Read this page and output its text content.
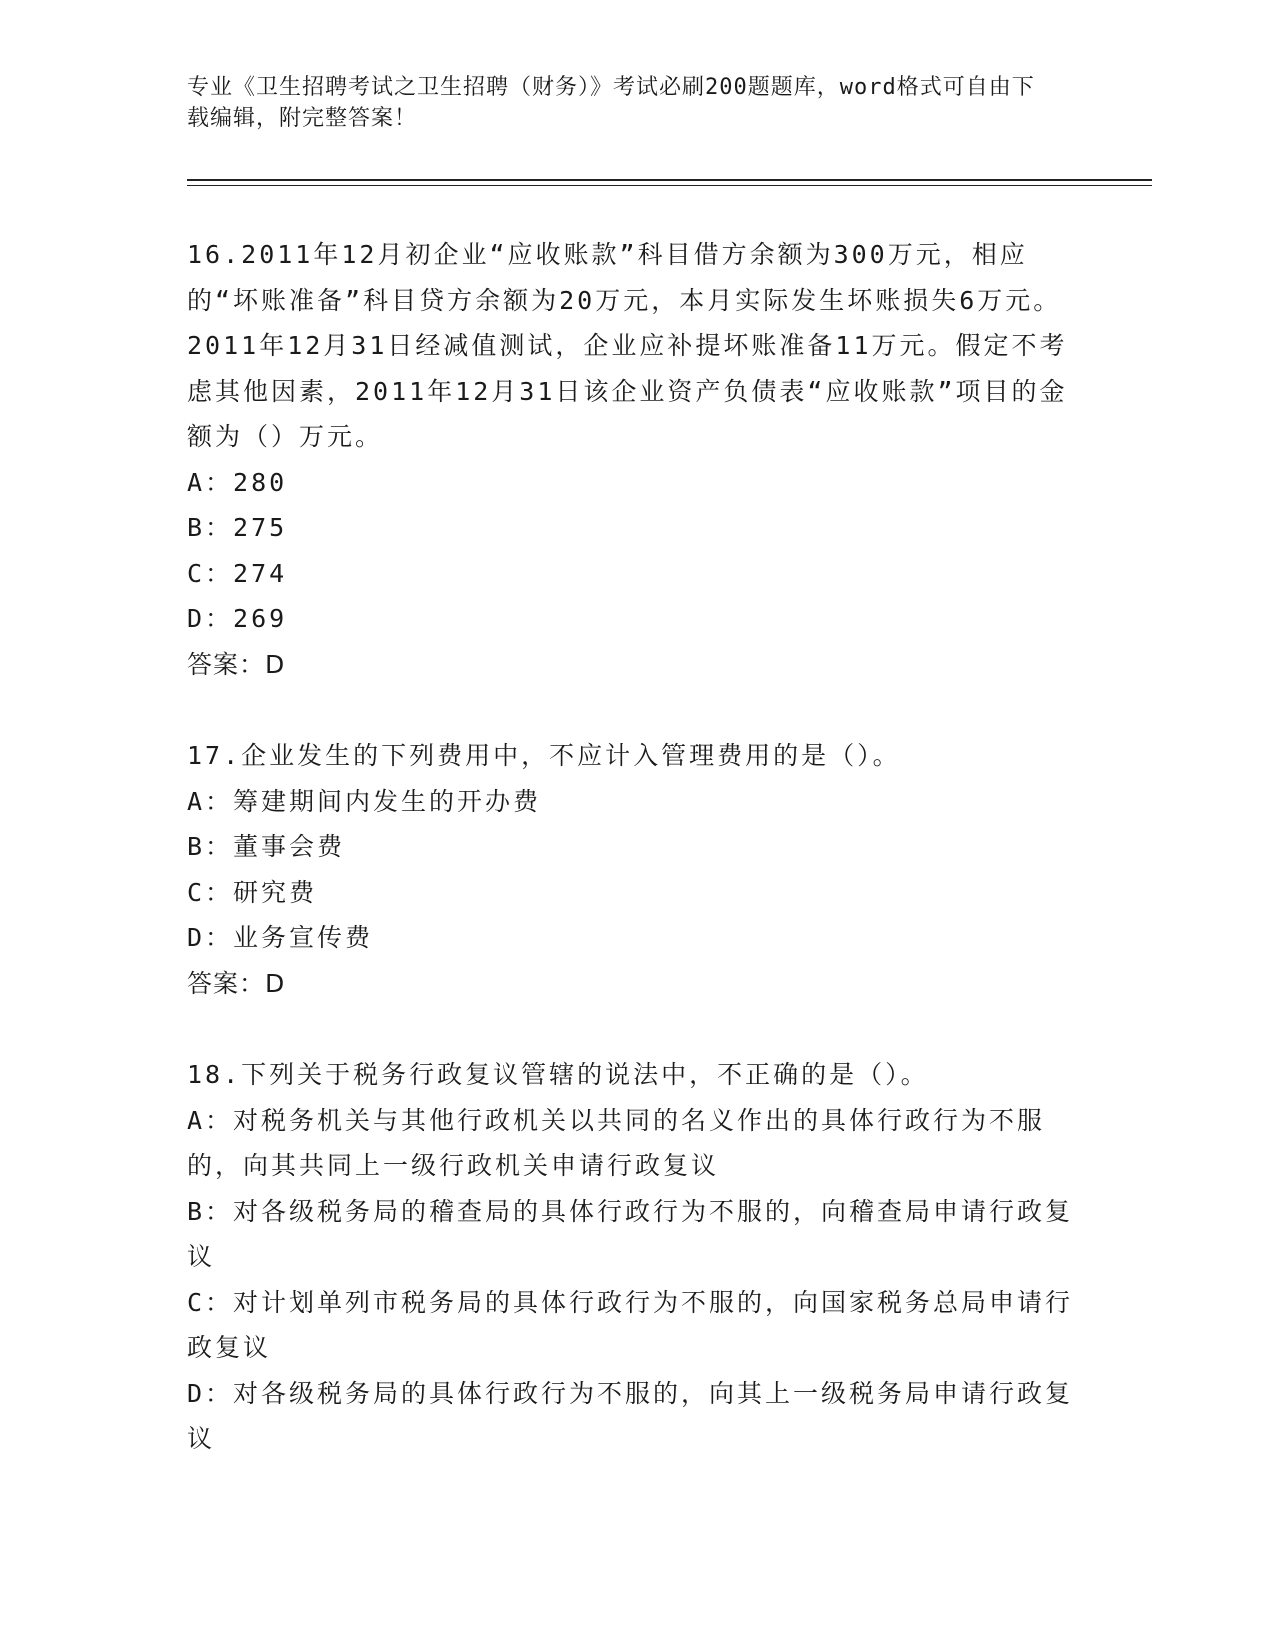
专业《卫生招聘考试之卫生招聘（财务）》考试必刷200题题库，word格式可自由下载编辑，附完整答案！

16.2011年12月初企业“应收账款”科目借方余额为300万元，相应的“坏账准备”科目贷方余额为20万元，本月实际发生坏账损失6万元。2011年12月31日经减值测试，企业应补提坏账准备11万元。假定不考虑其他因素，2011年12月31日该企业资产负债表“应收账款”项目的金额为（）万元。

A：280

B：275

C：274

D：269

答案：D

17.企业发生的下列费用中，不应计入管理费用的是（）。

A：筹建期间内发生的开办费

B：董事会费

C：研究费

D：业务宣传费

答案：D

18.下列关于税务行政复议管辖的说法中，不正确的是（）。

A：对税务机关与其他行政机关以共同的名义作出的具体行政行为不服的，向其共同上一级行政机关申请行政复议

B：对各级税务局的稽查局的具体行政行为不服的，向稽查局申请行政复议

C：对计划单列市税务局的具体行政行为不服的，向国家税务总局申请行政复议

D：对各级税务局的具体行政行为不服的，向其上一级税务局申请行政复议
